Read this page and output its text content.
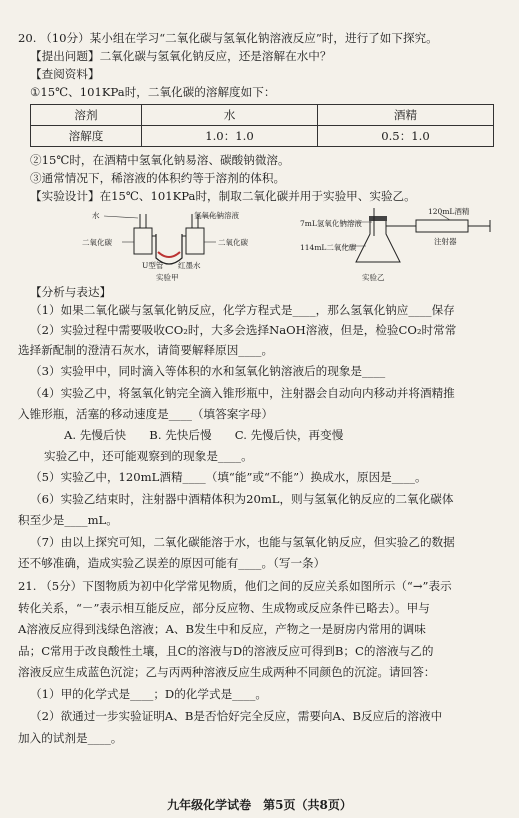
20. （10分）某小组在学习“二氧化碳与氢氧化钠溶液反应”时，进行了如下探究。
【提出问题】二氧化碳与氢氧化钠反应，还是溶解在水中？
【查阅资料】
①15℃、101KPa时，二氧化碳的溶解度如下：
溶剂	水	酒精
溶解度	1.0：1.0	0.5：1.0
②15℃时，在酒精中氢氧化钠易溶、碳酸钠微溶。
③通常情况下，稀溶液的体积约等于溶剂的体积。
【实验设计】在15℃、101KPa时，制取二氧化碳并用于实验甲、实验乙。
水	氢氧化钠溶液
二氧化碳	二氧化碳
U型管 红墨水
实验甲
120mL酒精
7mL氢氧化钠溶液
114mL二氧化碳
注射器
实验乙
【分析与表达】
（1）如果二氧化碳与氢氧化钠反应，化学方程式是____，那么氢氧化钠应____保存
（2）实验过程中需要吸收CO₂时，大多会选择NaOH溶液，但是，检验CO₂时常常
选择新配制的澄清石灰水，请简要解释原因____。
（3）实验甲中，同时滴入等体积的水和氢氧化钠溶液后的现象是____
（4）实验乙中，将氢氧化钠完全滴入锥形瓶中，注射器会自动向内移动并将酒精推
入锥形瓶，活塞的移动速度是____（填答案字母）
A. 先慢后快　　B. 先快后慢　　C. 先慢后快，再变慢
实验乙中，还可能观察到的现象是____。
（5）实验乙中，120mL酒精____（填“能”或“不能”）换成水，原因是____。
（6）实验乙结束时，注射器中酒精体积为20mL，则与氢氧化钠反应的二氧化碳体
积至少是____mL。
（7）由以上探究可知，二氧化碳能溶于水，也能与氢氧化钠反应，但实验乙的数据
还不够准确，造成实验乙误差的原因可能有____。（写一条）
21. （5分）下图物质为初中化学常见物质，他们之间的反应关系如图所示（“→”表示
转化关系，“－”表示相互能反应，部分反应物、生成物或反应条件已略去）。甲与
A溶液反应得到浅绿色溶液；A、B发生中和反应，产物之一是厨房内常用的调味
品；C常用于改良酸性土壤，且C的溶液与D的溶液反应可得到B；C的溶液与乙的
溶液反应生成蓝色沉淀；乙与丙两种溶液反应生成两种不同颜色的沉淀。请回答：
（1）甲的化学式是____；D的化学式是____。
（2）欲通过一步实验证明A、B是否恰好完全反应，需要向A、B反应后的溶液中
加入的试剂是____。
九年级化学试卷　第5页（共8页）
